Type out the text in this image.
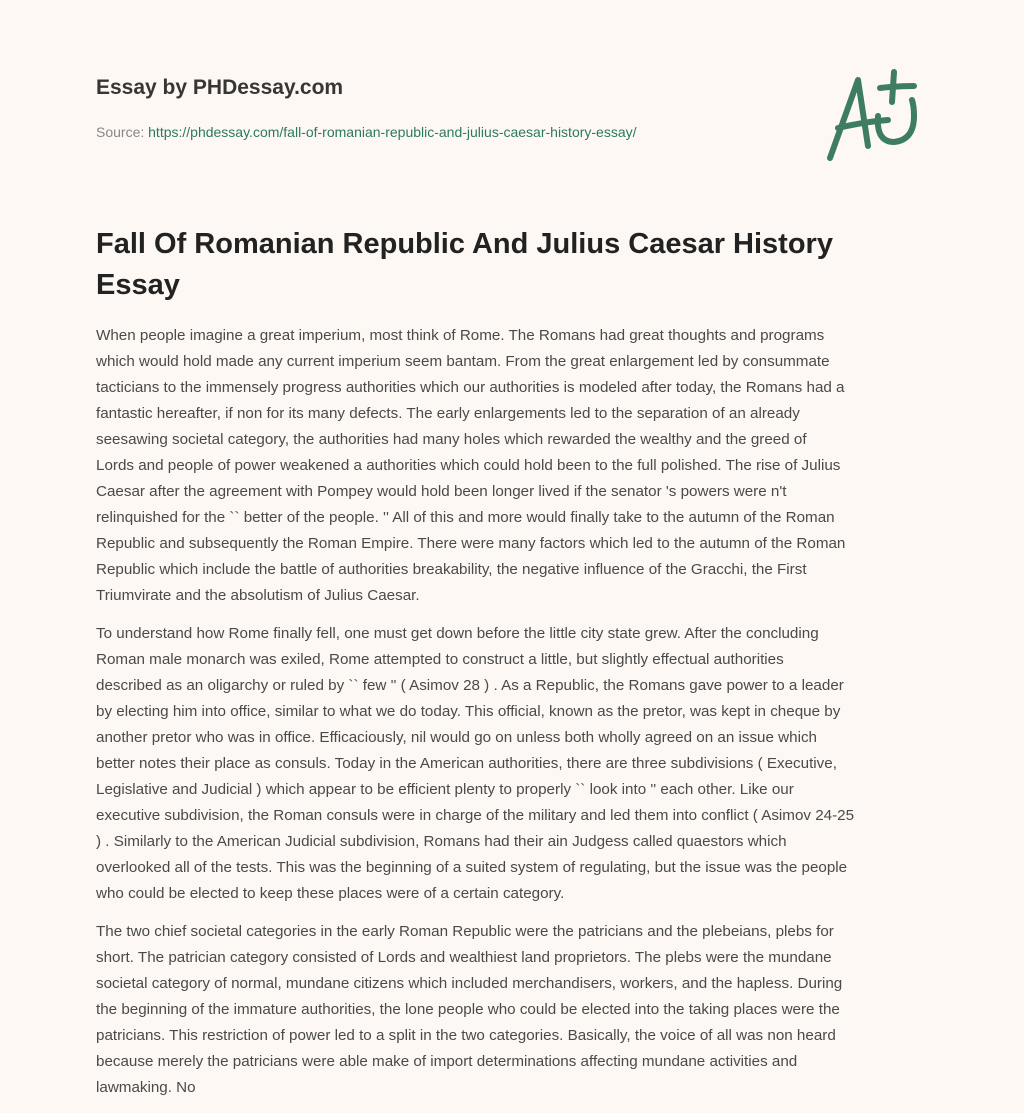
Essay by PHDessay.com
Source: https://phdessay.com/fall-of-romanian-republic-and-julius-caesar-history-essay/
Fall Of Romanian Republic And Julius Caesar History Essay

When people imagine a great imperium, most think of Rome. The Romans had great thoughts and programs
which would hold made any current imperium seem bantam. From the great enlargement led by consummate
tacticians to the immensely progress authorities which our authorities is modeled after today, the Romans had a
fantastic hereafter, if non for its many defects. The early enlargements led to the separation of an already
seesawing societal category, the authorities had many holes which rewarded the wealthy and the greed of
Lords and people of power weakened a authorities which could hold been to the full polished. The rise of Julius
Caesar after the agreement with Pompey would hold been longer lived if the senator 's powers were n't
relinquished for the `` better of the people. '' All of this and more would finally take to the autumn of the Roman
Republic and subsequently the Roman Empire. There were many factors which led to the autumn of the Roman
Republic which include the battle of authorities breakability, the negative influence of the Gracchi, the First
Triumvirate and the absolutism of Julius Caesar.

To understand how Rome finally fell, one must get down before the little city state grew. After the concluding
Roman male monarch was exiled, Rome attempted to construct a little, but slightly effectual authorities
described as an oligarchy or ruled by `` few '' ( Asimov 28 ) . As a Republic, the Romans gave power to a leader
by electing him into office, similar to what we do today. This official, known as the pretor, was kept in cheque by
another pretor who was in office. Efficaciously, nil would go on unless both wholly agreed on an issue which
better notes their place as consuls. Today in the American authorities, there are three subdivisions ( Executive,
Legislative and Judicial ) which appear to be efficient plenty to properly `` look into '' each other. Like our
executive subdivision, the Roman consuls were in charge of the military and led them into conflict ( Asimov 24-25
) . Similarly to the American Judicial subdivision, Romans had their ain Judgess called quaestors which
overlooked all of the tests. This was the beginning of a suited system of regulating, but the issue was the people
who could be elected to keep these places were of a certain category.

The two chief societal categories in the early Roman Republic were the patricians and the plebeians, plebs for
short. The patrician category consisted of Lords and wealthiest land proprietors. The plebs were the mundane
societal category of normal, mundane citizens which included merchandisers, workers, and the hapless. During
the beginning of the immature authorities, the lone people who could be elected into the taking places were the
patricians. This restriction of power led to a split in the two categories. Basically, the voice of all was non heard
because merely the patricians were able make of import determinations affecting mundane activities and
lawmaking. No
